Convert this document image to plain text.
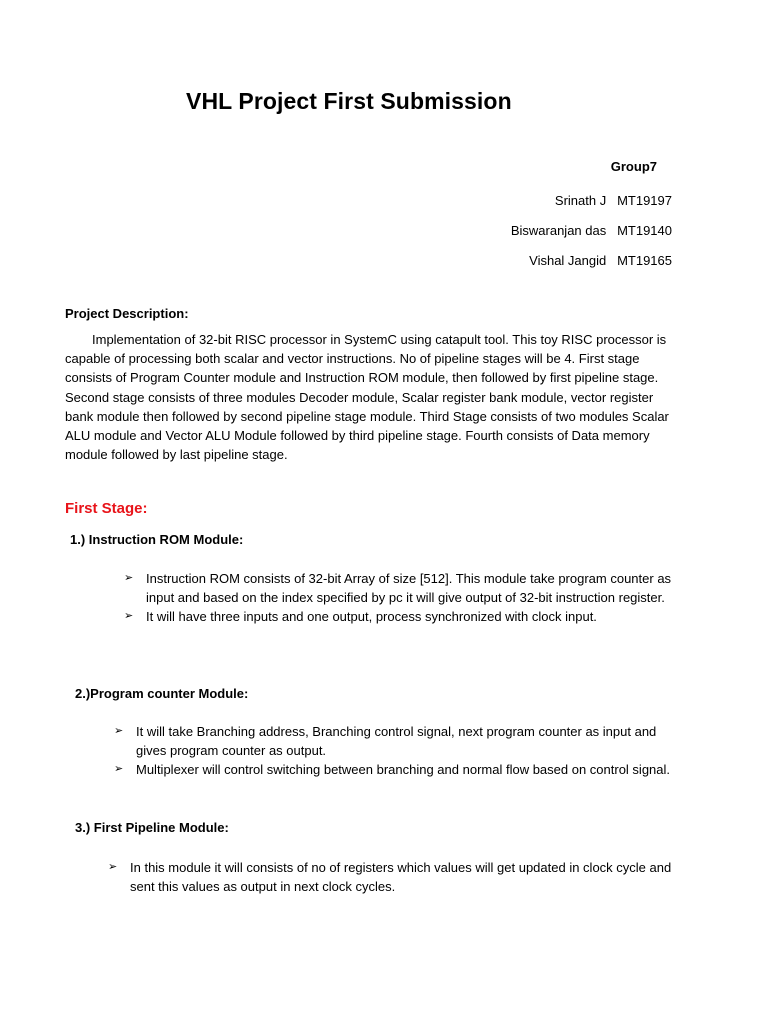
VHL Project First Submission
Group7
Srinath J MT19197
Biswaranjan das MT19140
Vishal Jangid MT19165
Project Description:
Implementation of 32-bit RISC processor in SystemC using catapult tool. This toy RISC processor is capable of processing both scalar and vector instructions. No of pipeline stages will be 4. First stage consists of Program Counter module and Instruction ROM module, then followed by first pipeline stage. Second stage consists of three modules Decoder module, Scalar register bank module, vector register bank module then followed by second pipeline stage module. Third Stage consists of two modules Scalar ALU module and Vector ALU Module followed by third pipeline stage. Fourth consists of Data memory module followed by last pipeline stage.
First Stage:
1.) Instruction ROM Module:
➢ Instruction ROM consists of 32-bit Array of size [512]. This module take program counter as input and based on the index specified by pc it will give output of 32-bit instruction register.
➢ It will have three inputs and one output, process synchronized with clock input.
2.)Program counter Module:
➢ It will take Branching address, Branching control signal, next program counter as input and gives program counter as output.
➢ Multiplexer will control switching between branching and normal flow based on control signal.
3.) First Pipeline Module:
➢ In this module it will consists of no of registers which values will get updated in clock cycle and sent this values as output in next clock cycles.
